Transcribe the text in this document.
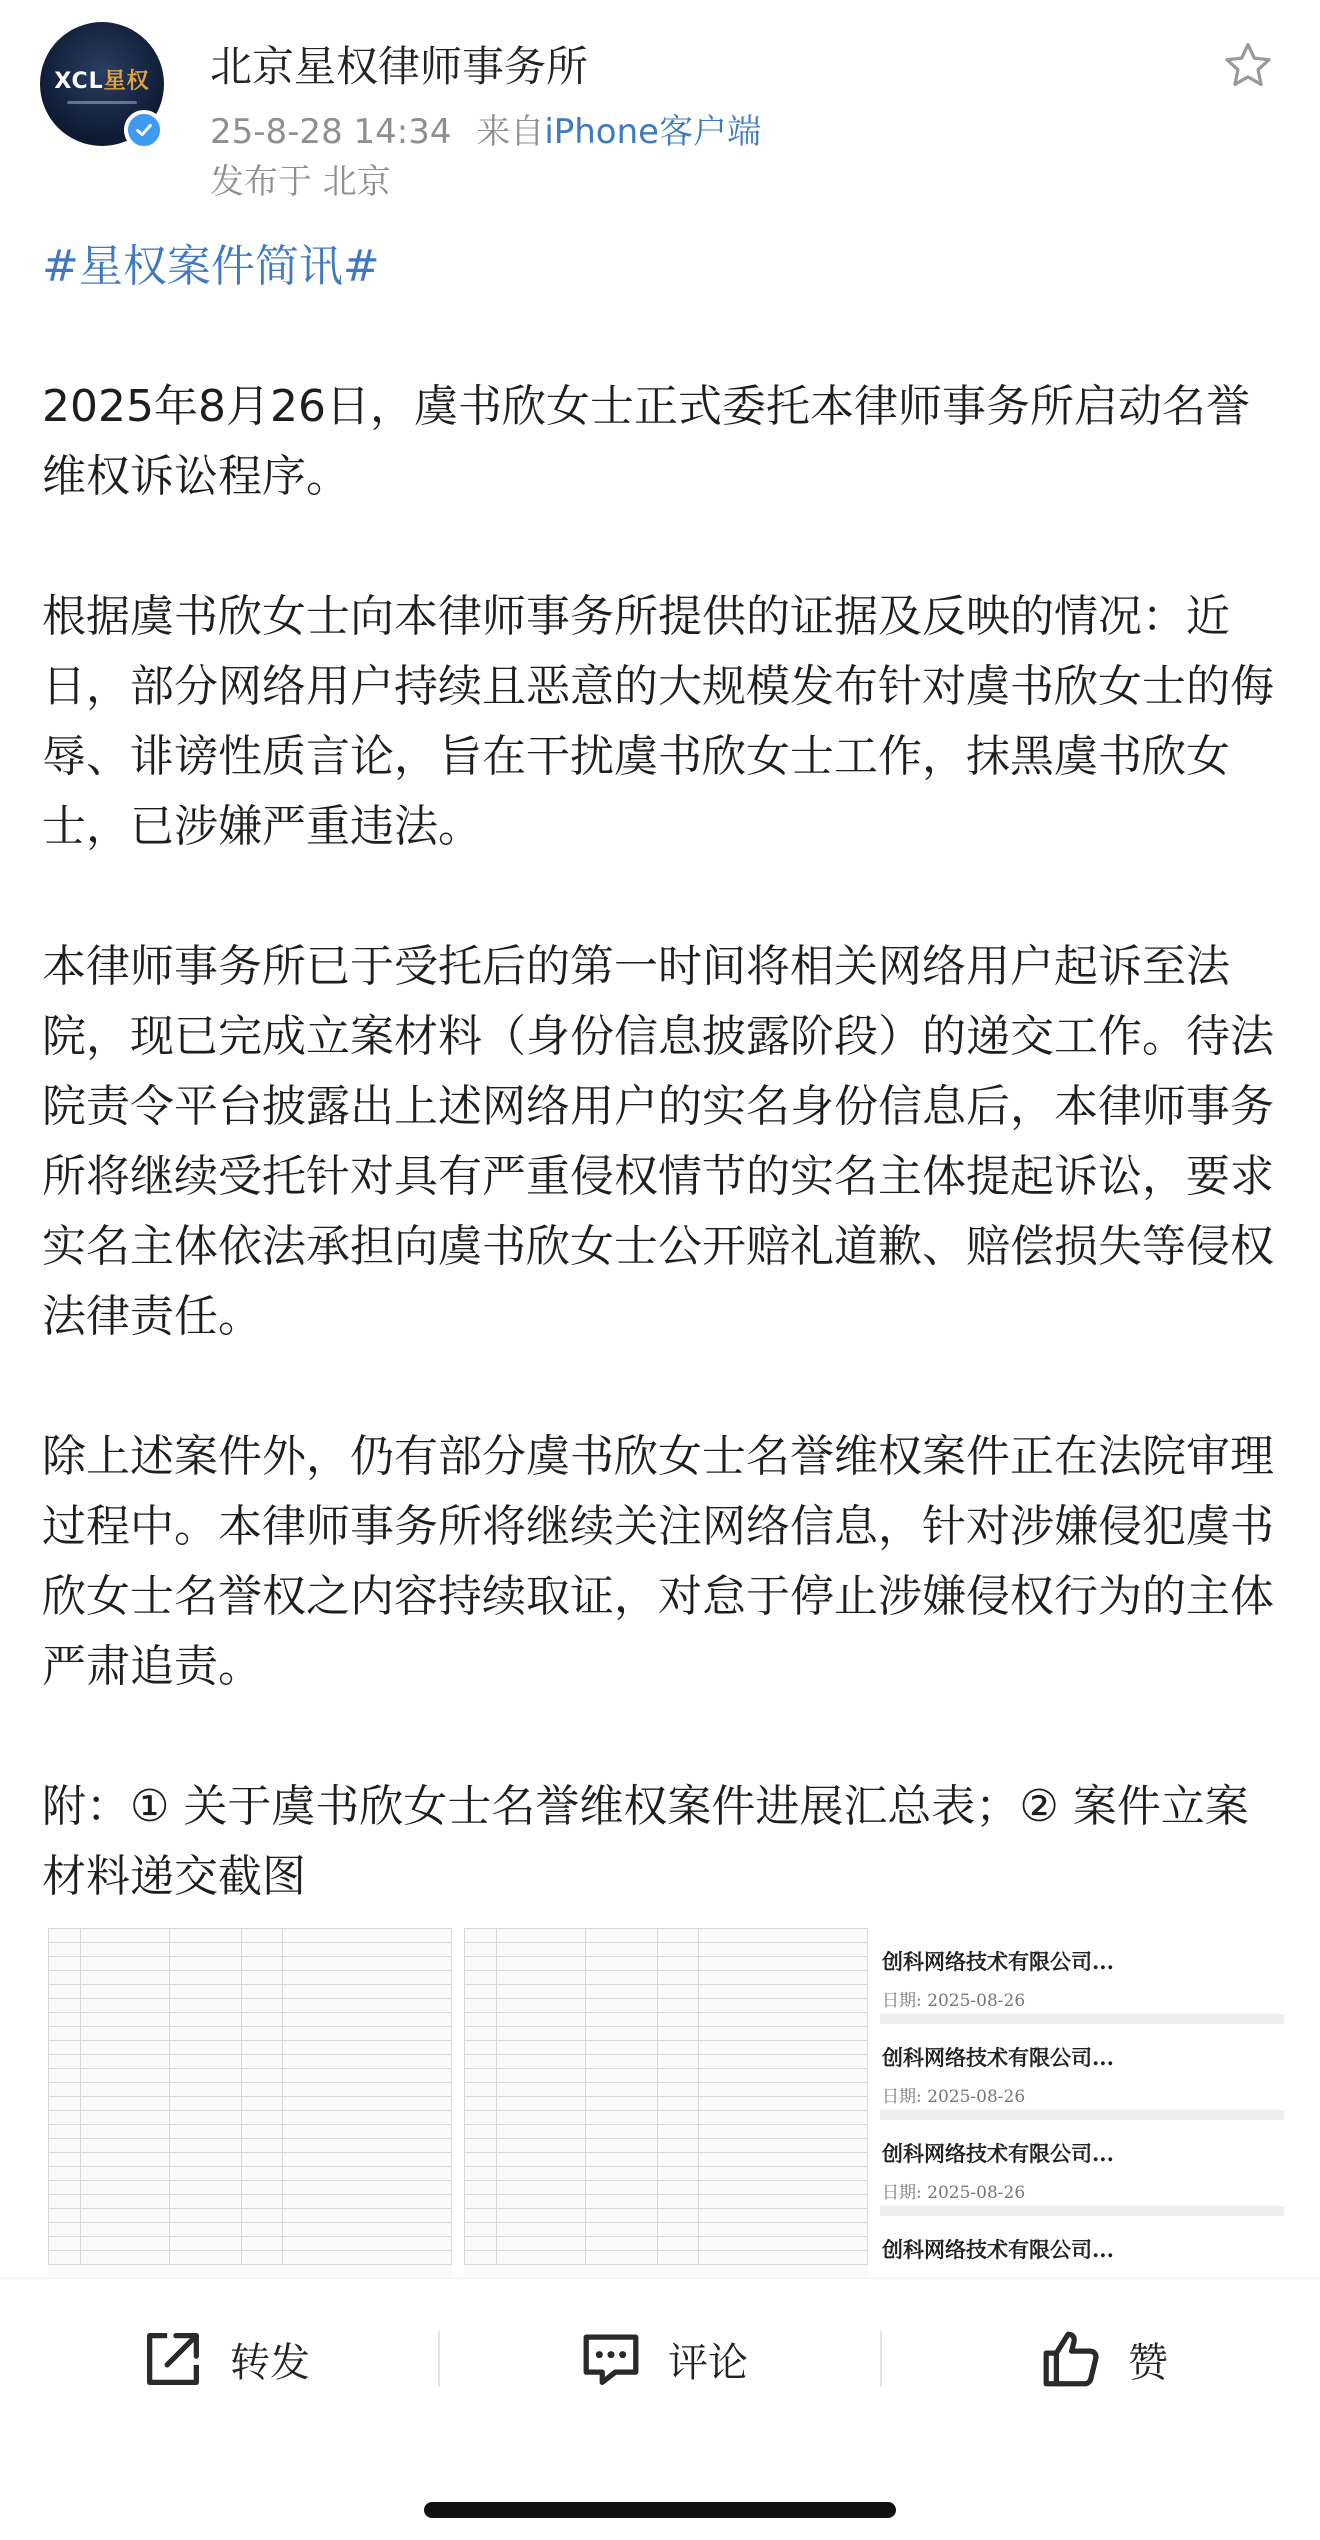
XCL星权 北京星权律师事务所
25-8-28 14:34 来自iPhone客户端
发布于 北京
#星权案件简讯#
2025年8月26日，虞书欣女士正式委托本律师事务所启动名誉维权诉讼程序。
根据虞书欣女士向本律师事务所提供的证据及反映的情况：近日，部分网络用户持续且恶意的大规模发布针对虞书欣女士的侮辱、诽谤性质言论，旨在干扰虞书欣女士工作，抹黑虞书欣女士，已涉嫌严重违法。
本律师事务所已于受托后的第一时间将相关网络用户起诉至法院，现已完成立案材料（身份信息披露阶段）的递交工作。待法院责令平台披露出上述网络用户的实名身份信息后，本律师事务所将继续受托针对具有严重侵权情节的实名主体提起诉讼，要求实名主体依法承担向虞书欣女士公开赔礼道歉、赔偿损失等侵权法律责任。
除上述案件外，仍有部分虞书欣女士名誉维权案件正在法院审理过程中。本律师事务所将继续关注网络信息，针对涉嫌侵犯虞书欣女士名誉权之内容持续取证，对怠于停止涉嫌侵权行为的主体严肃追责。
附：① 关于虞书欣女士名誉维权案件进展汇总表；② 案件立案材料递交截图

创科网络技术有限公司...
日期: 2025-08-26
创科网络技术有限公司...
日期: 2025-08-26
创科网络技术有限公司...
日期: 2025-08-26
创科网络技术有限公司...
转发	评论	赞
